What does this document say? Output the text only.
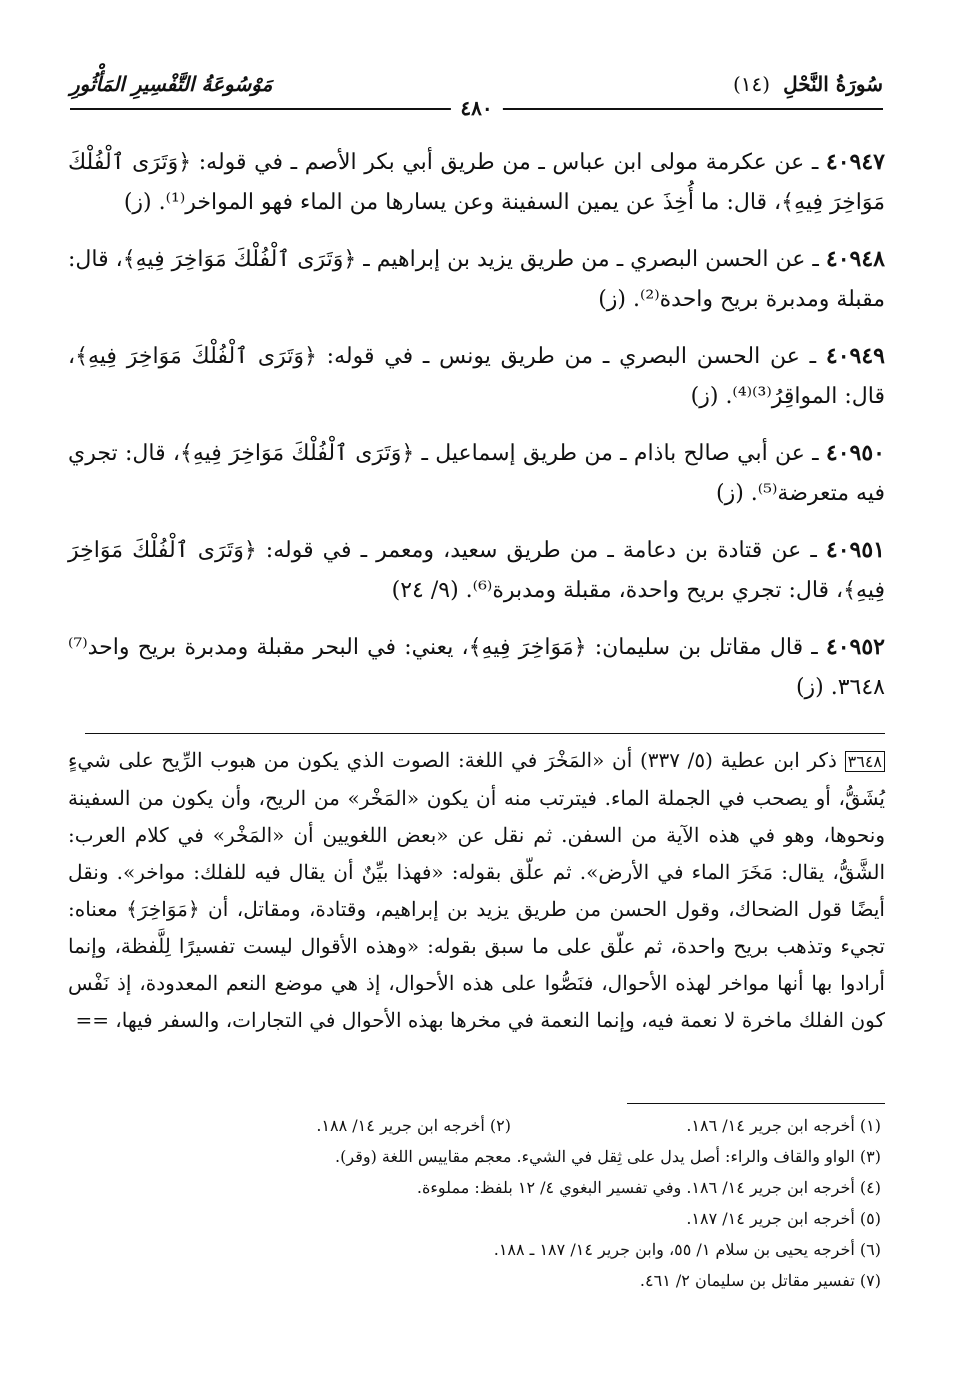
سُورَةُ النَّحْلِ (١٤)
٤٨٠
مَوْسُوعَةُ التَّفْسِيرِ المَأْثُورِ

٤٠٩٤٧ ـ عن عكرمة مولى ابن عباس ـ من طريق أبي بكر الأصم ـ في قوله: ﴿وَتَرَى ٱلْفُلْكَ مَوَاخِرَ فِيهِ﴾، قال: ما أُخِذَ عن يمين السفينة وعن يسارها من الماء فهو المواخر⁽¹⁾. (ز)

٤٠٩٤٨ ـ عن الحسن البصري ـ من طريق يزيد بن إبراهيم ـ ﴿وَتَرَى ٱلْفُلْكَ مَوَاخِرَ فِيهِ﴾، قال: مقبلة ومدبرة بريح واحدة⁽²⁾. (ز)

٤٠٩٤٩ ـ عن الحسن البصري ـ من طريق يونس ـ في قوله: ﴿وَتَرَى ٱلْفُلْكَ مَوَاخِرَ فِيهِ﴾، قال: المواقِرُ⁽³⁾⁽⁴⁾. (ز)

٤٠٩٥٠ ـ عن أبي صالح باذام ـ من طريق إسماعيل ـ ﴿وَتَرَى ٱلْفُلْكَ مَوَاخِرَ فِيهِ﴾، قال: تجري فيه متعرضة⁽⁵⁾. (ز)

٤٠٩٥١ ـ عن قتادة بن دعامة ـ من طريق سعيد، ومعمر ـ في قوله: ﴿وَتَرَى ٱلْفُلْكَ مَوَاخِرَ فِيهِ﴾، قال: تجري بريح واحدة، مقبلة ومدبرة⁽⁶⁾. (٩/ ٢٤)

٤٠٩٥٢ ـ قال مقاتل بن سليمان: ﴿مَوَاخِرَ فِيهِ﴾، يعني: في البحر مقبلة ومدبرة بريح واحد⁽⁷⁾ ٣٦٤٨. (ز)

٣٦٤٨ ذكر ابن عطية (٥/ ٣٣٧) أن «المَخْرَ في اللغة: الصوت الذي يكون من هبوب الرِّيح على شيءٍ يُشَقُّ، أو يصحب في الجملة الماء. فيترتب منه أن يكون «المَخْر» من الريح، وأن يكون من السفينة ونحوها، وهو في هذه الآية من السفن. ثم نقل عن «بعض اللغويين أن «المَخْر» في كلام العرب: الشَّقُّ، يقال: مَخَرَ الماء في الأرض». ثم علّق بقوله: «فهذا بيِّنٌ أن يقال فيه للفلك: مواخر». ونقل أيضًا قول الضحاك، وقول الحسن من طريق يزيد بن إبراهيم، وقتادة، ومقاتل، أن ﴿مَوَاخِرَ﴾ معناه: تجيء وتذهب بريح واحدة، ثم علّق على ما سبق بقوله: «وهذه الأقوال ليست تفسيرًا لِلَّفظة، وإنما أرادوا بها أنها مواخر لهذه الأحوال، فنَصُّوا على هذه الأحوال، إذ هي موضع النعم المعدودة، إذ نَفْس كون الفلك ماخرة لا نعمة فيه، وإنما النعمة في مخرها بهذه الأحوال في التجارات، والسفر فيها، ==
(١) أخرجه ابن جرير ١٤/ ١٨٦.
(٢) أخرجه ابن جرير ١٤/ ١٨٨.
(٣) الواو والقاف والراء: أصل يدل على ثِقل في الشيء. معجم مقاييس اللغة (وقر).
(٤) أخرجه ابن جرير ١٤/ ١٨٦. وفي تفسير البغوي ٤/ ١٢ بلفظ: مملوءة.
(٥) أخرجه ابن جرير ١٤/ ١٨٧.
(٦) أخرجه يحيى بن سلام ١/ ٥٥، وابن جرير ١٤/ ١٨٧ ـ ١٨٨.
(٧) تفسير مقاتل بن سليمان ٢/ ٤٦١.
